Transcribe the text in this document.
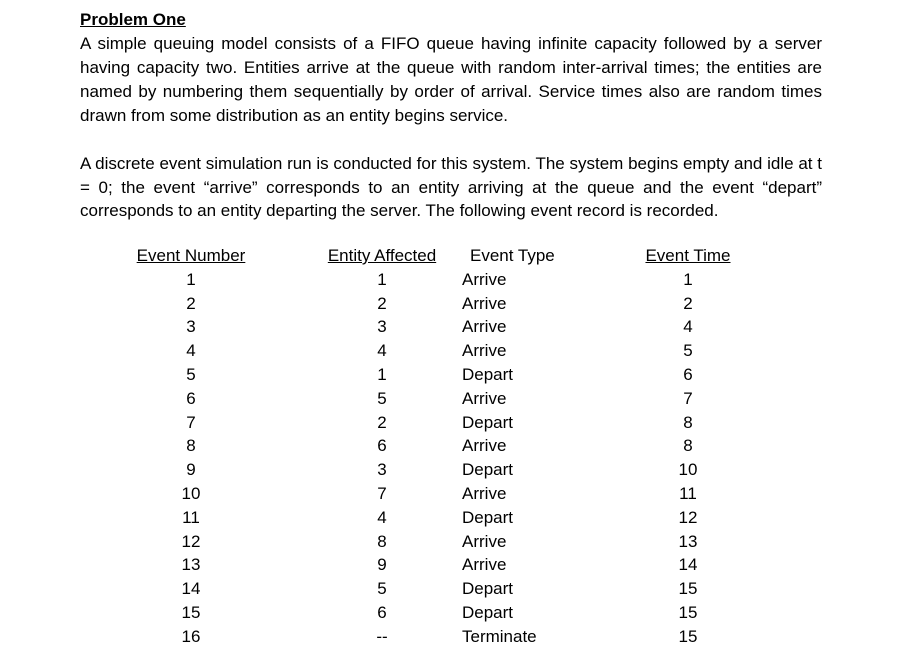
Problem One

A simple queuing model consists of a FIFO queue having infinite capacity followed by a server having capacity two. Entities arrive at the queue with random inter-arrival times; the entities are named by numbering them sequentially by order of arrival. Service times also are random times drawn from some distribution as an entity begins service.

A discrete event simulation run is conducted for this system. The system begins empty and idle at t = 0; the event “arrive” corresponds to an entity arriving at the queue and the event “depart” corresponds to an entity departing the server. The following event record is recorded.

Event Number	Entity Affected	Event Type	Event Time
1	1	Arrive	1
2	2	Arrive	2
3	3	Arrive	4
4	4	Arrive	5
5	1	Depart	6
6	5	Arrive	7
7	2	Depart	8
8	6	Arrive	8
9	3	Depart	10
10	7	Arrive	11
11	4	Depart	12
12	8	Arrive	13
13	9	Arrive	14
14	5	Depart	15
15	6	Depart	15
16	--	Terminate	15
